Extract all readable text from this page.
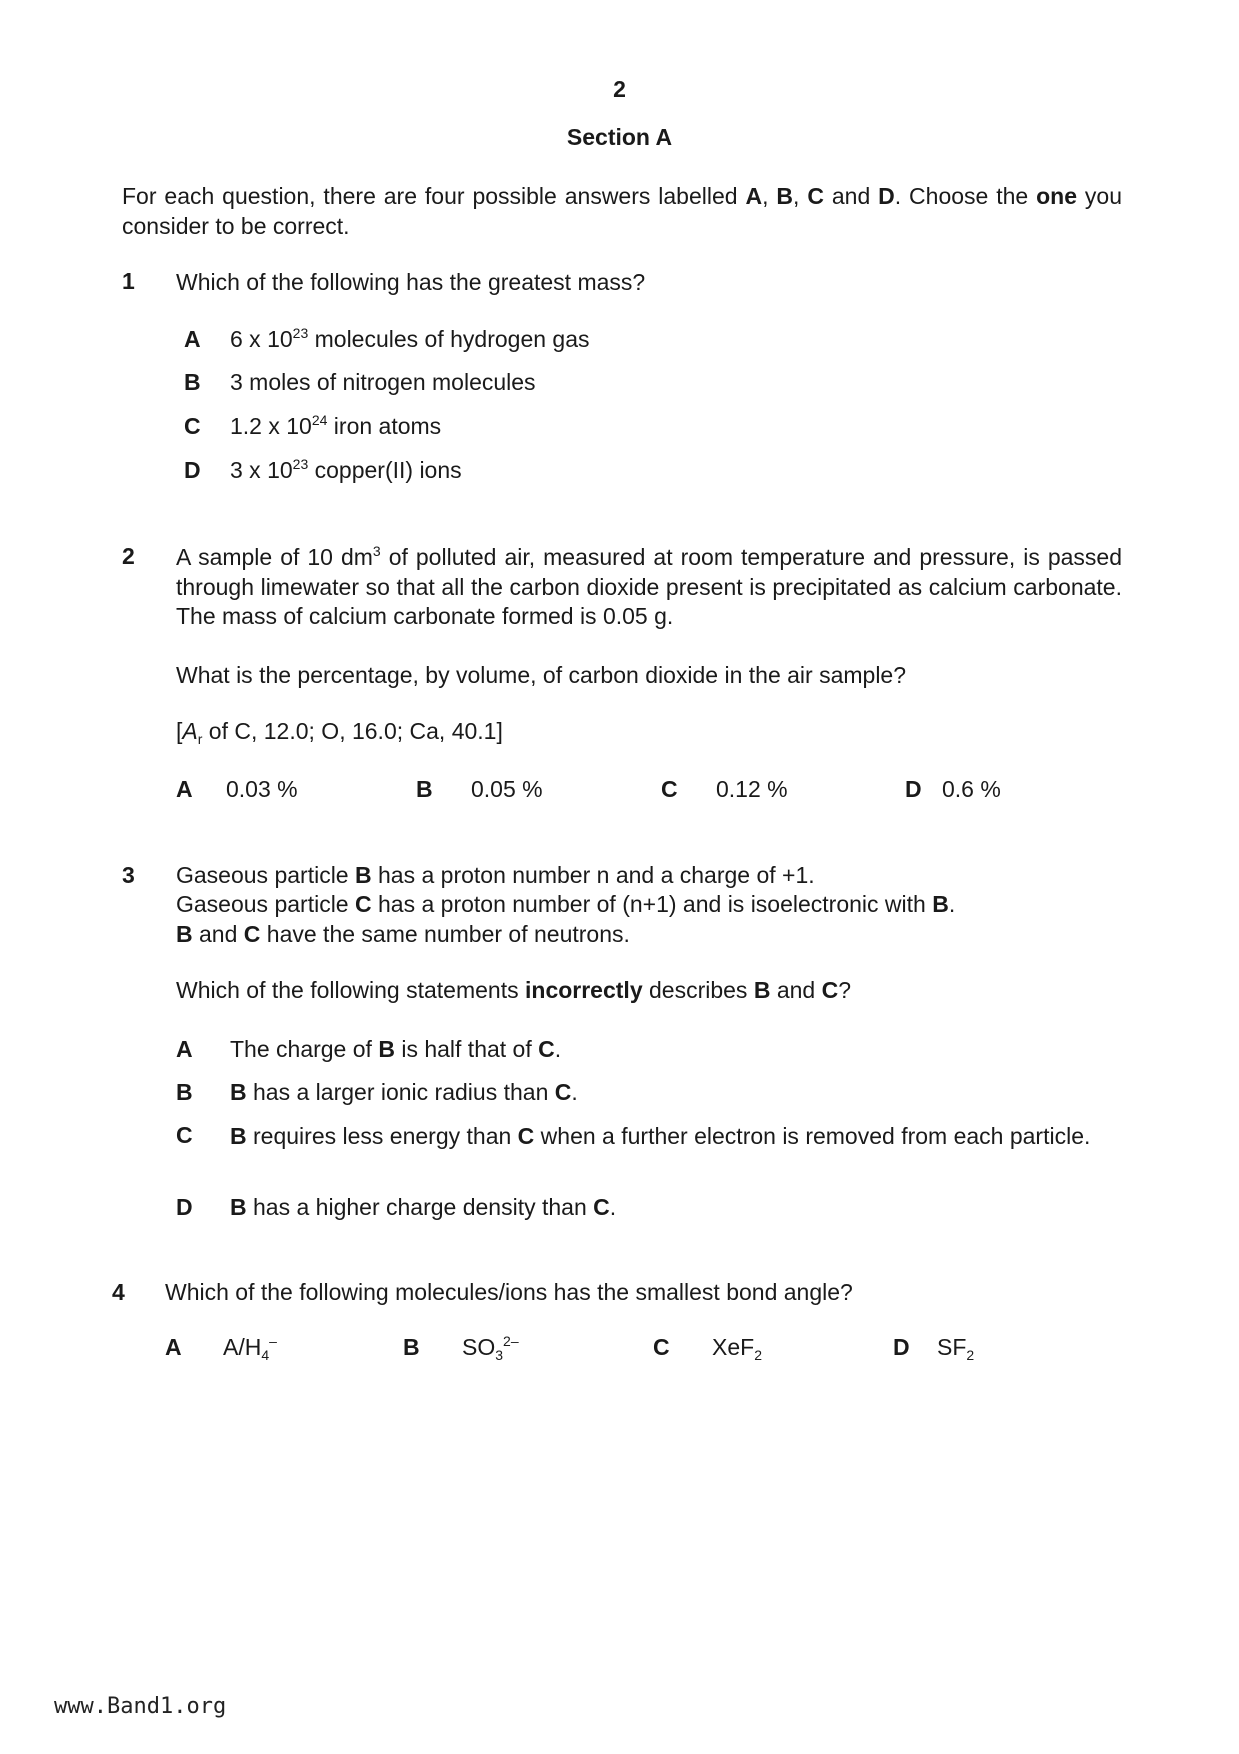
2
Section A
For each question, there are four possible answers labelled A, B, C and D. Choose the one you consider to be correct.
1 Which of the following has the greatest mass?
A 6 x $10^{23}$ molecules of hydrogen gas
B 3 moles of nitrogen molecules
C 1.2 x $10^{24}$ iron atoms
D 3 x $10^{23}$ copper(II) ions
2 A sample of 10 $dm^3$ of polluted air, measured at room temperature and pressure, is passed through limewater so that all the carbon dioxide present is precipitated as calcium carbonate. The mass of calcium carbonate formed is 0.05 g.
What is the percentage, by volume, of carbon dioxide in the air sample?
[$A_r$ of C, 12.0; O, 16.0; Ca, 40.1]
A 0.03 %	B 0.05 %	C 0.12 %	D 0.6 %
3 Gaseous particle B has a proton number n and a charge of +1.
Gaseous particle C has a proton number of (n+1) and is isoelectronic with B.
B and C have the same number of neutrons.
Which of the following statements incorrectly describes B and C?
A The charge of B is half that of C.
B B has a larger ionic radius than C.
C B requires less energy than C when a further electron is removed from each particle.
D B has a higher charge density than C.
4 Which of the following molecules/ions has the smallest bond angle?
A $A/H_4^-$	B $SO_3^{2-}$	C XeF$_2$	D $SF_2$
www.Band1.org
